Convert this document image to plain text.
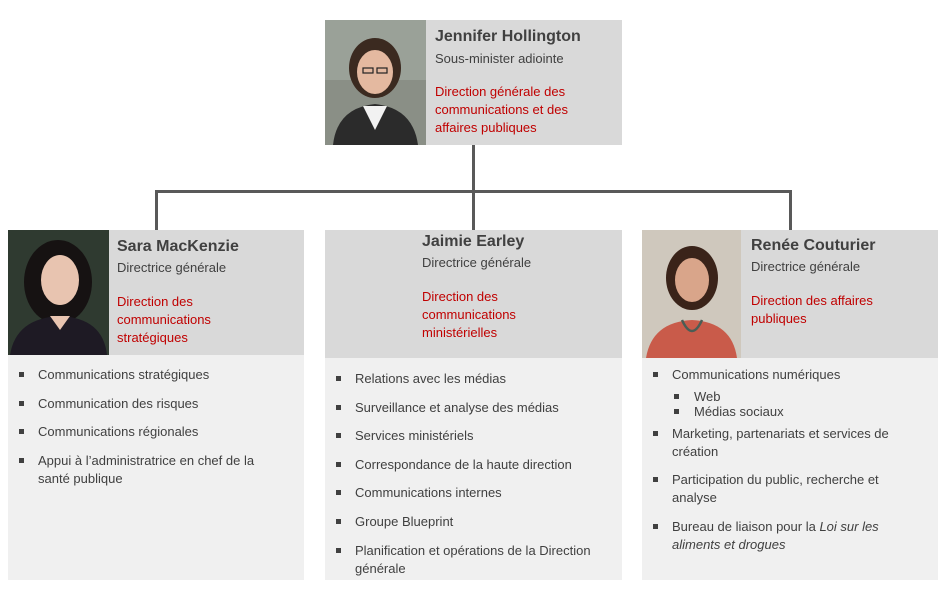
Jennifer Hollington
Sous-minister adiointe
Direction générale des communications et des affaires publiques
Sara MacKenzie
Directrice générale
Direction des communications stratégiques
Communications stratégiques
Communication des risques
Communications régionales
Appui à l’administratrice en chef de la santé publique
Jaimie Earley
Directrice générale
Direction des communications ministérielles
Relations avec les médias
Surveillance et analyse des médias
Services ministériels
Correspondance de la haute direction
Communications internes
Groupe Blueprint
Planification et opérations de la Direction générale
Renée Couturier
Directrice générale
Direction des affaires publiques
Communications numériques
Web
Médias sociaux
Marketing, partenariats et services de création
Participation du public, recherche et analyse
Bureau de liaison pour la Loi sur les aliments et drogues
